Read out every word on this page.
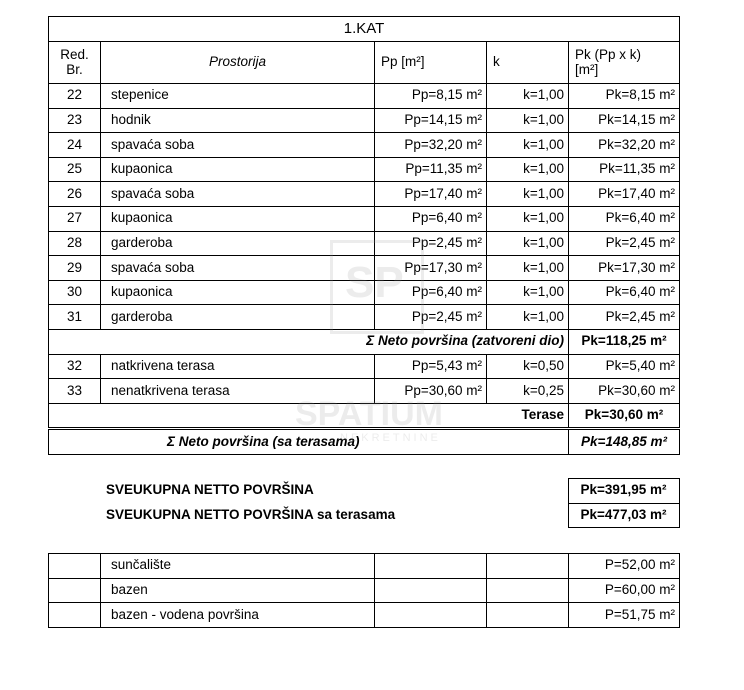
1.KAT				
Red.
Br.	Prostorija	Pp [m²]	k	Pk (Pp x k)
[m²]
22	stepenice	Pp=8,15 m²	k=1,00	Pk=8,15 m²
23	hodnik	Pp=14,15 m²	k=1,00	Pk=14,15 m²
24	spavaća soba	Pp=32,20 m²	k=1,00	Pk=32,20 m²
25	kupaonica	Pp=11,35 m²	k=1,00	Pk=11,35 m²
26	spavaća soba	Pp=17,40 m²	k=1,00	Pk=17,40 m²
27	kupaonica	Pp=6,40 m²	k=1,00	Pk=6,40 m²
28	garderoba	Pp=2,45 m²	k=1,00	Pk=2,45 m²
29	spavaća soba	Pp=17,30 m²	k=1,00	Pk=17,30 m²
30	kupaonica	Pp=6,40 m²	k=1,00	Pk=6,40 m²
31	garderoba	Pp=2,45 m²	k=1,00	Pk=2,45 m²
Σ Neto površina (zatvoreni dio)				Pk=118,25 m²
32	natkrivena terasa	Pp=5,43 m²	k=0,50	Pk=5,40 m²
33	nenatkrivena terasa	Pp=30,60 m²	k=0,25	Pk=30,60 m²
Terase				Pk=30,60 m²
Σ Neto površina (sa terasama)				Pk=148,85 m²
SVEUKUPNA NETTO POVRŠINA	Pk=391,95 m²
SVEUKUPNA NETTO POVRŠINA sa terasama	Pk=477,03 m²
	sunčalište			P=52,00 m²
	bazen			P=60,00 m²
	bazen - vodena površina			P=51,75 m²
SP
SPATIUM
NEKRETNINE
